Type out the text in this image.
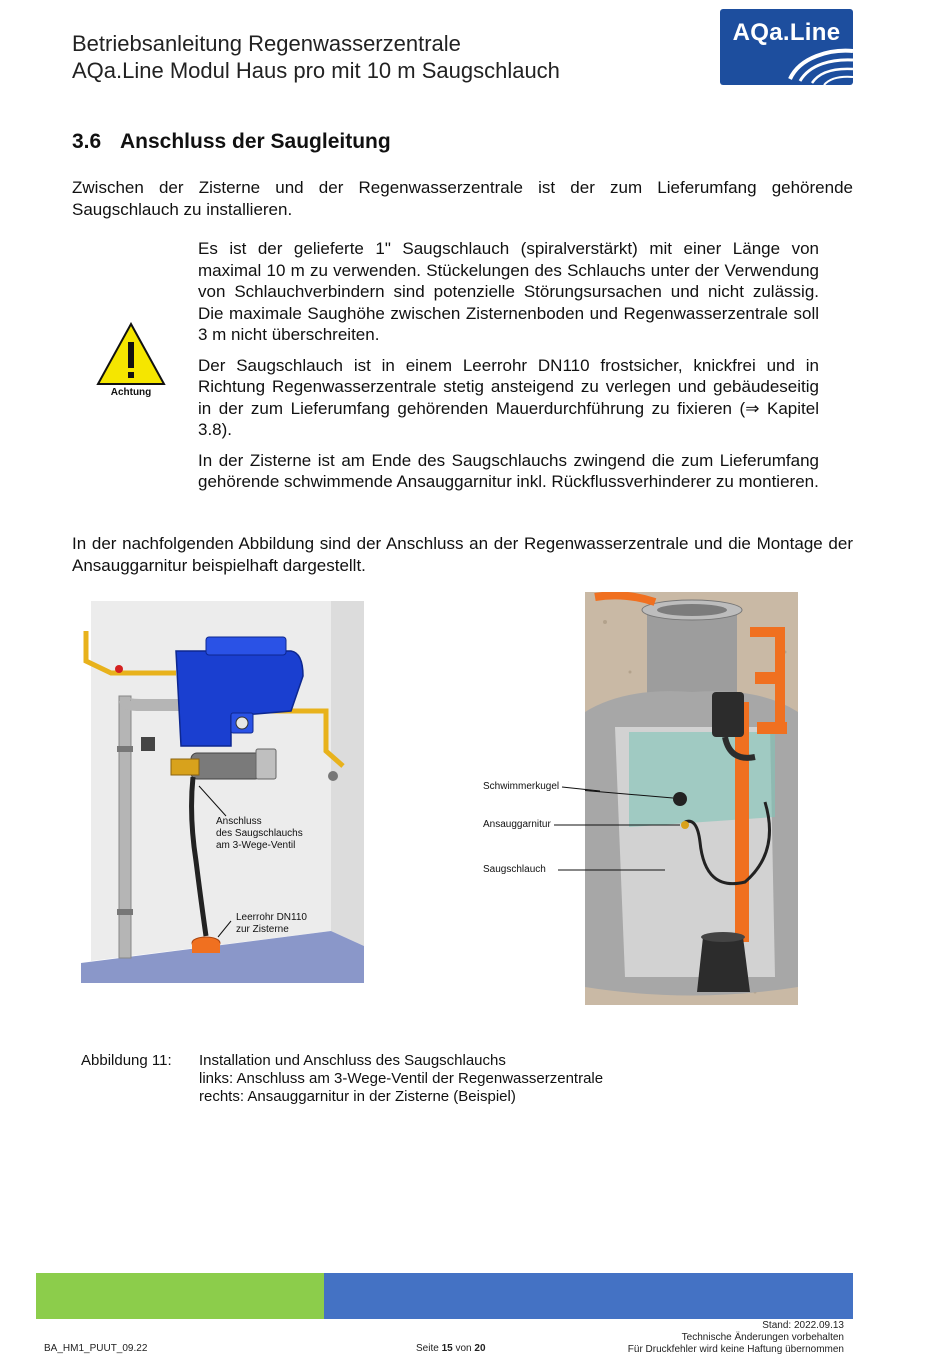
Betriebsanleitung Regenwasserzentrale
AQa.Line Modul Haus pro mit 10 m Saugschlauch
AQa.Line
3.6 Anschluss der Saugleitung
Zwischen der Zisterne und der Regenwasserzentrale ist der zum Lieferumfang gehörende Saugschlauch zu installieren.
Achtung

Es ist der gelieferte 1" Saugschlauch (spiralverstärkt) mit einer Länge von maximal 10 m zu verwenden. Stückelungen des Schlauchs unter der Verwendung von Schlauchverbindern sind potenzielle Störungsursachen und nicht zulässig. Die maximale Saughöhe zwischen Zisternenboden und Regenwasserzentrale soll 3 m nicht überschreiten.

Der Saugschlauch ist in einem Leerrohr DN110 frostsicher, knickfrei und in Richtung Regenwasserzentrale stetig ansteigend zu verlegen und gebäudeseitig in der zum Lieferumfang gehörenden Mauerdurchführung zu fixieren (⇒ Kapitel 3.8).

In der Zisterne ist am Ende des Saugschlauchs zwingend die zum Lieferumfang gehörende schwimmende Ansauggarnitur inkl. Rückflussverhinderer zu montieren.

In der nachfolgenden Abbildung sind der Anschluss an der Regenwasserzentrale und die Montage der Ansauggarnitur beispielhaft dargestellt.
Anschluss
des Saugschlauchs
am 3-Wege-Ventil
Leerrohr DN110
zur Zisterne
Schwimmerkugel
Ansauggarnitur
Saugschlauch
Abbildung 11: Installation und Anschluss des Saugschlauchs
links: Anschluss am 3-Wege-Ventil der Regenwasserzentrale
rechts: Ansauggarnitur in der Zisterne (Beispiel)
BA_HM1_PUUT_09.22	Seite 15 von 20
Stand: 2022.09.13
Technische Änderungen vorbehalten
Für Druckfehler wird keine Haftung übernommen
